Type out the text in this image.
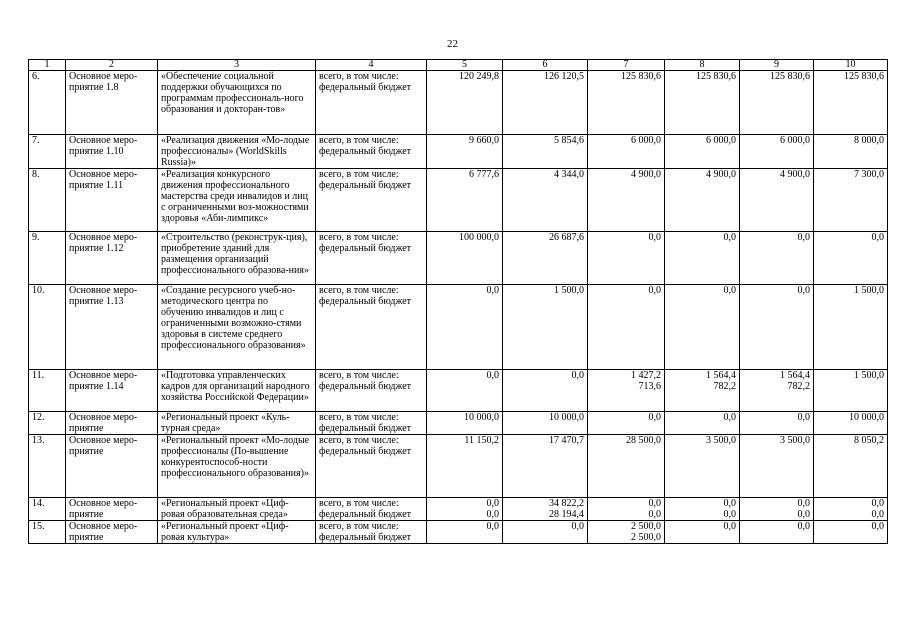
22
1	2	3	4	5	6	7	8	9	10
6.	Основное меро-приятие 1.8	«Обеспечение социальной поддержки обучающихся по программам профессиональ-ного образования и докторан-тов»	всего, в том числе:	120 249,8	126 120,5	125 830,6	125 830,6	125 830,6	125 830,6
			федеральный бюджет						
7.	Основное меро-приятие 1.10	«Реализация движения «Мо-лодые профессионалы» (WorldSkills Russia)»	всего, в том числе:	9 660,0	5 854,6	6 000,0	6 000,0	6 000,0	8 000,0
			федеральный бюджет						
8.	Основное меро-приятие 1.11	«Реализация конкурсного движения профессионального мастерства среди инвалидов и лиц с ограниченными воз-можностями здоровья «Аби-лимпикс»	всего, в том числе:	6 777,6	4 344,0	4 900,0	4 900,0	4 900,0	7 300,0
			федеральный бюджет						
9.	Основное меро-приятие 1.12	«Строительство (реконструк-ция), приобретение зданий для размещения организаций профессионального образова-ния»	всего, в том числе:	100 000,0	26 687,6	0,0	0,0	0,0	0,0
			федеральный бюджет						
10.	Основное меро-приятие 1.13	«Создание ресурсного учеб-но-методического центра по обучению инвалидов и лиц с ограниченными возможно-стями здоровья в системе среднего профессионального образования»	всего, в том числе:	0,0	1 500,0	0,0	0,0	0,0	1 500,0
			федеральный бюджет						
11.	Основное меро-приятие 1.14	«Подготовка управленческих кадров для организаций народного хозяйства Российской Федерации»	всего, в том числе:	0,0	0,0	1 427,2	1 564,4	1 564,4	1 500,0
			федеральный бюджет			713,6	782,2	782,2	
12.	Основное меро-приятие	«Региональный проект «Куль-турная среда»	всего, в том числе:	10 000,0	10 000,0	0,0	0,0	0,0	10 000,0
			федеральный бюджет						
13.	Основное меро-приятие	«Региональный проект «Мо-лодые профессионалы (По-вышение конкурентоспособ-ности профессионального образования)»	всего, в том числе:	11 150,2	17 470,7	28 500,0	3 500,0	3 500,0	8 050,2
			федеральный бюджет						
14.	Основное меро-приятие	«Региональный проект «Циф-ровая образовательная среда»	всего, в том числе:	0,0	34 822,2	0,0	0,0	0,0	0,0
			федеральный бюджет	0,0	28 194,4	0,0	0,0	0,0	0,0
15.	Основное меро-приятие	«Региональный проект «Циф-ровая культура»	всего, в том числе:	0,0	0,0	2 500,0	0,0	0,0	0,0
			федеральный бюджет			2 500,0			
